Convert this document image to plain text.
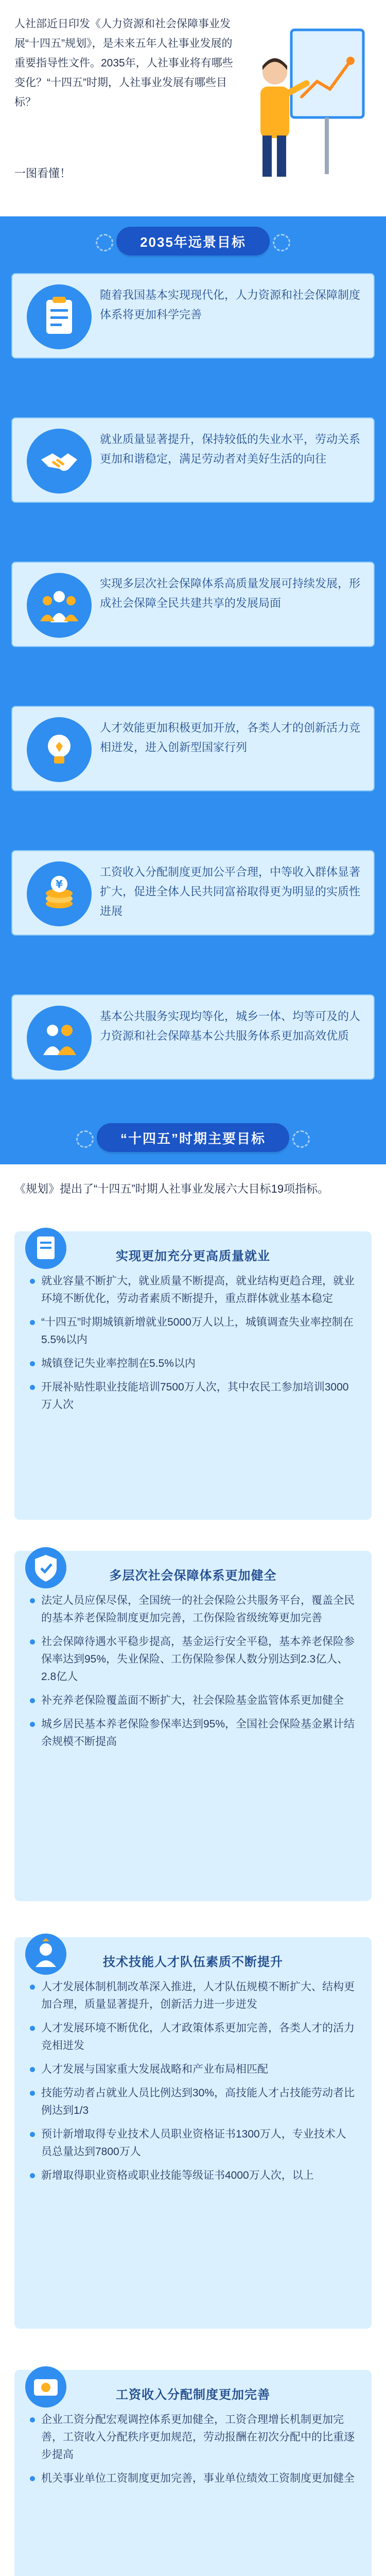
人社部近日印发《人力资源和社会保障事业发展“十四五”规划》，是未来五年人社事业发展的重要指导性文件。2035年，人社事业将有哪些变化？“十四五”时期，人社事业发展有哪些目标？

一图看懂！

2035年远景目标

随着我国基本实现现代化，人力资源和社会保障制度体系将更加科学完善

就业质量显著提升，保持较低的失业水平，劳动关系更加和谐稳定，满足劳动者对美好生活的向往

实现多层次社会保障体系高质量发展可持续发展，形成社会保障全民共建共享的发展局面

人才效能更加积极更加开放，各类人才的创新活力竞相迸发，进入创新型国家行列

¥

工资收入分配制度更加公平合理，中等收入群体显著扩大，促进全体人民共同富裕取得更为明显的实质性进展

基本公共服务实现均等化，城乡一体、均等可及的人力资源和社会保障基本公共服务体系更加高效优质

“十四五”时期主要目标

《规划》提出了“十四五”时期人社事业发展六大目标19项指标。

实现更加充分更高质量就业
就业容量不断扩大，就业质量不断提高，就业结构更趋合理，就业环境不断优化，劳动者素质不断提升，重点群体就业基本稳定
“十四五”时期城镇新增就业5000万人以上，城镇调查失业率控制在5.5%以内
城镇登记失业率控制在5.5%以内
开展补贴性职业技能培训7500万人次，其中农民工参加培训3000万人次
多层次社会保障体系更加健全
法定人员应保尽保，全国统一的社会保险公共服务平台，覆盖全民的基本养老保险制度更加完善，工伤保险省级统筹更加完善
社会保障待遇水平稳步提高，基金运行安全平稳，基本养老保险参保率达到95%，失业保险、工伤保险参保人数分别达到2.3亿人、2.8亿人
补充养老保险覆盖面不断扩大，社会保险基金监管体系更加健全
城乡居民基本养老保险参保率达到95%，全国社会保险基金累计结余规模不断提高
技术技能人才队伍素质不断提升
人才发展体制机制改革深入推进，人才队伍规模不断扩大、结构更加合理，质量显著提升，创新活力进一步迸发
人才发展环境不断优化，人才政策体系更加完善，各类人才的活力竞相迸发
人才发展与国家重大发展战略和产业布局相匹配
技能劳动者占就业人员比例达到30%，高技能人才占技能劳动者比例达到1/3
预计新增取得专业技术人员职业资格证书1300万人，专业技术人员总量达到7800万人
新增取得职业资格或职业技能等级证书4000万人次，以上
工资收入分配制度更加完善
企业工资分配宏观调控体系更加健全，工资合理增长机制更加完善，工资收入分配秩序更加规范，劳动报酬在初次分配中的比重逐步提高
机关事业单位工资制度更加完善，事业单位绩效工资制度更加健全
